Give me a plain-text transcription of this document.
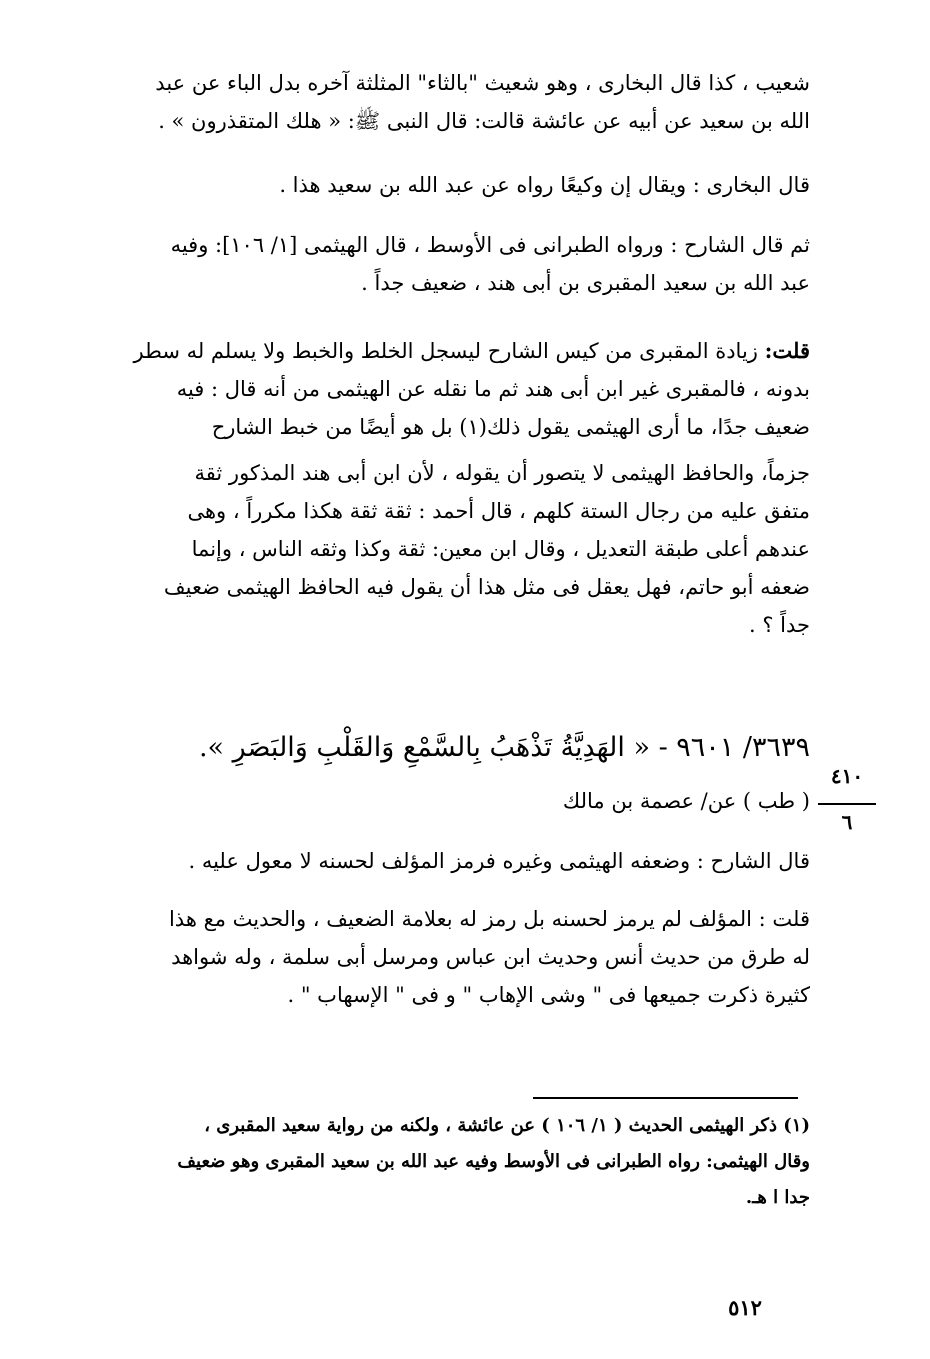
شعيب ، كذا قال البخارى ، وهو شعيث "بالثاء" المثلثة آخره بدل الباء عن عبد
الله بن سعيد عن أبيه عن عائشة قالت: قال النبى ﷺ: « هلك المتقذرون » .
قال البخارى : ويقال إن وكيعًا رواه عن عبد الله بن سعيد هذا .
ثم قال الشارح : ورواه الطبرانى فى الأوسط ، قال الهيثمى [١/ ١٠٦]: وفيه
عبد الله بن سعيد المقبرى بن أبى هند ، ضعيف جداً .
قلت: زيادة المقبرى من كيس الشارح ليسجل الخلط والخبط ولا يسلم له سطر
بدونه ، فالمقبرى غير ابن أبى هند ثم ما نقله عن الهيثمى من أنه قال : فيه
ضعيف جدًا، ما أرى الهيثمى يقول ذلك(١) بل هو أيضًا من خبط الشارح
جزماً، والحافظ الهيثمى لا يتصور أن يقوله ، لأن ابن أبى هند المذكور ثقة
متفق عليه من رجال الستة كلهم ، قال أحمد : ثقة ثقة هكذا مكرراً ، وهى
عندهم أعلى طبقة التعديل ، وقال ابن معين: ثقة وكذا وثقه الناس ، وإنما
ضعفه أبو حاتم، فهل يعقل فى مثل هذا أن يقول فيه الحافظ الهيثمى ضعيف
جداً ؟ .
٣٦٣٩/ ٩٦٠١ - « الهَدِيَّةُ تَذْهَبُ بِالسَّمْعِ وَالقَلْبِ وَالبَصَرِ ».
٤١٠
٦
( طب ) عن/ عصمة بن مالك
قال الشارح : وضعفه الهيثمى وغيره فرمز المؤلف لحسنه لا معول عليه .
قلت : المؤلف لم يرمز لحسنه بل رمز له بعلامة الضعيف ، والحديث مع هذا
له طرق من حديث أنس وحديث ابن عباس ومرسل أبى سلمة ، وله شواهد
كثيرة ذكرت جميعها فى " وشى الإهاب " و فى " الإسهاب " .
(١) ذكر الهيثمى الحديث ( ١/ ١٠٦ ) عن عائشة ، ولكنه من رواية سعيد المقبرى ،
وقال الهيثمى: رواه الطبرانى فى الأوسط وفيه عبد الله بن سعيد المقبرى وهو ضعيف
جدا ا هـ.
٥١٢
